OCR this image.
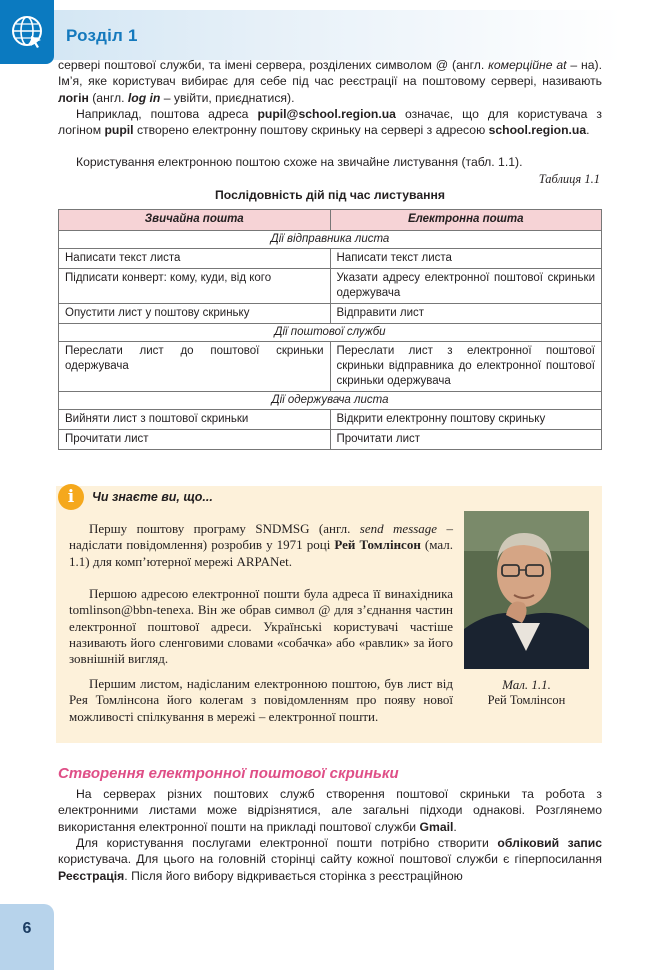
Розділ 1

сервері поштової служби, та імені сервера, розділених символом @ (англ. комерційне at – на). Ім’я, яке користувач вибирає для себе під час реєстрації на поштовому сервері, називають логін (англ. log in – увійти, приєднатися).

Наприклад, поштова адреса pupil@school.region.ua означає, що для користувача з логіном pupil створено електронну поштову скриньку на сервері з адресою school.region.ua.

Користування електронною поштою схоже на звичайне листування (табл. 1.1).

Таблиця 1.1
Послідовність дій під час листування
Звичайна пошта	Електронна пошта
Дії відправника листа	
Написати текст листа	Написати текст листа
Підписати конверт: кому, куди, від кого	Указати адресу електронної поштової скриньки одержувача
Опустити лист у поштову скриньку	Відправити лист
Дії поштової служби	
Переслати лист до поштової скриньки одержувача	Переслати лист з електронної поштової скриньки відправника до електронної поштової скриньки одержувача
Дії одержувача листа	
Вийняти лист з поштової скриньки	Відкрити електронну поштову скриньку
Прочитати лист	Прочитати лист
i	Чи знаєте ви, що...

Першу поштову програму SNDMSG (англ. send message – надіслати повідомлення) розробив у 1971 році Рей Томлінсон (мал. 1.1) для комп’ютерної мережі ARPANet.

Першою адресою електронної пошти була адреса її винахідника tomlinson@bbn-tenexa. Він же обрав символ @ для з’єднання частин електронної поштової адреси. Українські користувачі частіше називають його сленговими словами «собачка» або «равлик» за його зовнішній вигляд.

Першим листом, надісланим електронною поштою, був лист від Рея Томлінсона його колегам з повідомленням про появу нової можливості спілкування в мережі – електронної пошти.

Мал. 1.1.
Рей Томлінсон
Створення електронної поштової скриньки

На серверах різних поштових служб створення поштової скриньки та робота з електронними листами може відрізнятися, але загальні підходи однакові. Розглянемо використання електронної пошти на прикладі поштової служби Gmail.

Для користування послугами електронної пошти потрібно створити обліковий запис користувача. Для цього на головній сторінці сайту кожної поштової служби є гіперпосилання Реєстрація. Після його вибору відкривається сторінка з реєстраційною

6
